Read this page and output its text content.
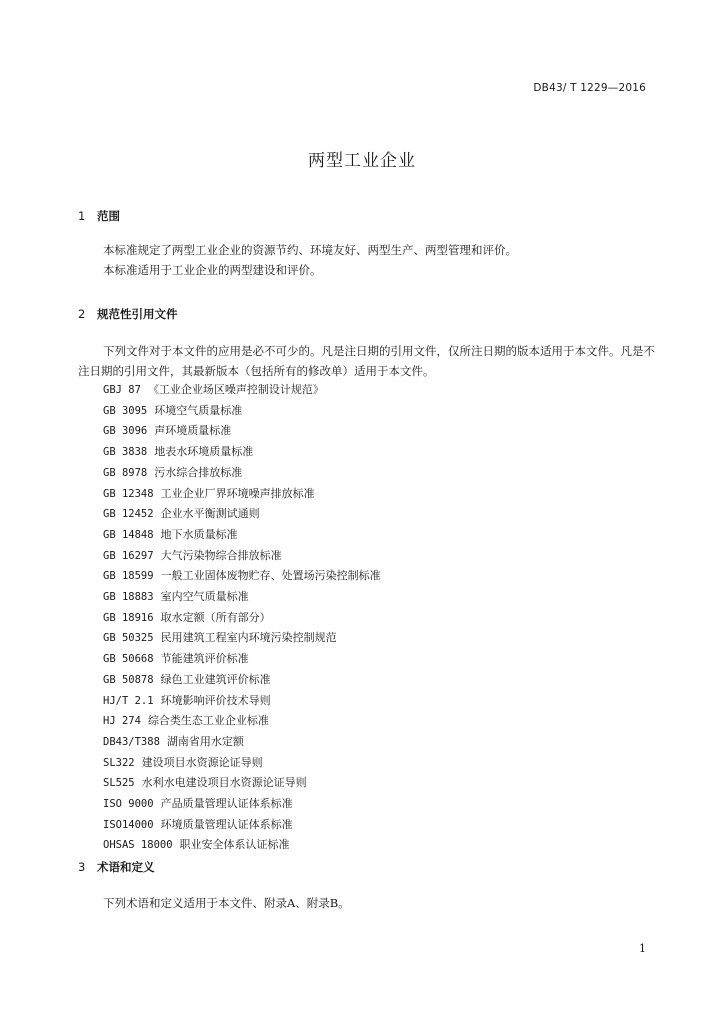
DB43/ T 1229—2016
两型工业企业
1 范围

本标准规定了两型工业企业的资源节约、环境友好、两型生产、两型管理和评价。

本标准适用于工业企业的两型建设和评价。

2 规范性引用文件

下列文件对于本文件的应用是必不可少的。凡是注日期的引用文件，仅所注日期的版本适用于本文件。凡是不注日期的引用文件，其最新版本（包括所有的修改单）适用于本文件。

GBJ 87 《工业企业场区噪声控制设计规范》
GB 3095 环境空气质量标准
GB 3096 声环境质量标准
GB 3838 地表水环境质量标准
GB 8978 污水综合排放标准
GB 12348 工业企业厂界环境噪声排放标准
GB 12452 企业水平衡测试通则
GB 14848 地下水质量标准
GB 16297 大气污染物综合排放标准
GB 18599 一般工业固体废物贮存、处置场污染控制标准
GB 18883 室内空气质量标准
GB 18916 取水定额（所有部分）
GB 50325 民用建筑工程室内环境污染控制规范
GB 50668 节能建筑评价标准
GB 50878 绿色工业建筑评价标准
HJ/T 2.1 环境影响评价技术导则
HJ 274 综合类生态工业企业标准
DB43/T388 湖南省用水定额
SL322 建设项目水资源论证导则
SL525 水利水电建设项目水资源论证导则
ISO 9000 产品质量管理认证体系标准
ISO14000 环境质量管理认证体系标准
OHSAS 18000 职业安全体系认证标准
3 术语和定义

下列术语和定义适用于本文件、附录A、附录B。

1
